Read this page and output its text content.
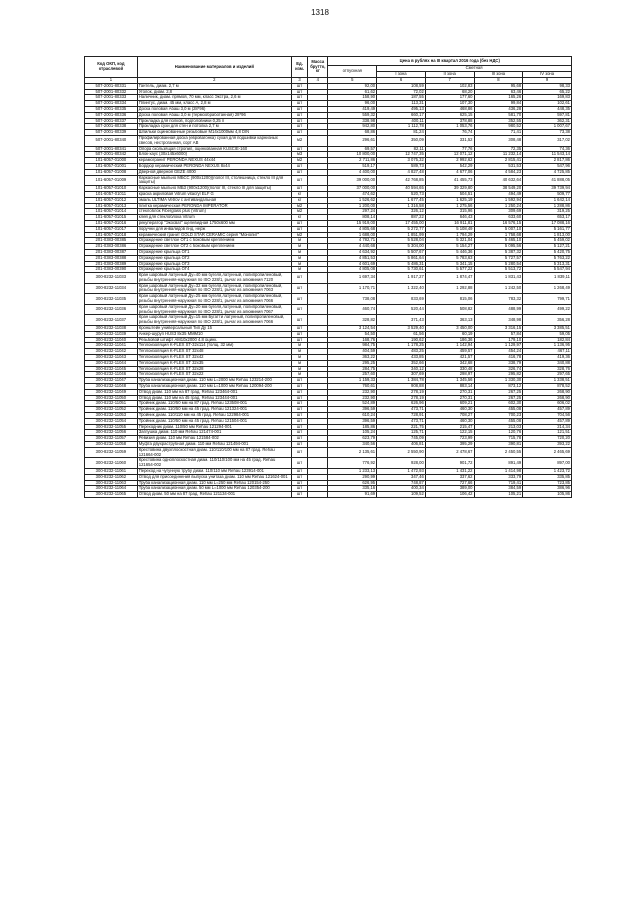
1318
Код ОКП, код отраслевой	Наименование материалов и изделий	Ед. изм.	Масса брутто, кг	Цена в рублях на III квартал 2016 года (без НДС)				
				отпускная	Сметная			
					I зона	II зона	III зона	IV зона
1	2	3	4	5	6	7	8	9
507-2001-80331	Гантель, диам. 2,7 м	шт		92,00	108,59	102,83	95,68	98,33
507-2001-80332	Уголок, диам. 2,8	шт		61,62	72,02	68,20	63,46	65,22
507-2001-80333	Наличник, диам. прямой, 70 мм, класс Экстра, 2,6 м	шт		158,90	187,55	177,60	165,26	169,83
507-2001-80334	Плинтус, диам. 45 мм, класс А, 2,8 м	шт		96,00	113,31	107,30	99,84	102,61
507-2001-80335	Доска половая Абаш 3,0 м (28*96)	шт		419,49	495,13	468,86	436,28	448,35
507-2001-80336	Доска половая Абаш 3,0 м (термообработанная) 28*96	шт		559,32	660,17	625,15	581,70	597,81
507-2001-80337	Прокладка для полков, подголовники 0,25 п	шт		338,98	400,11	378,88	352,55	362,31
507-2001-80338	Прокладка сухи для стен и потолка 2,7 м	шт		942,80	1 112,78	1 053,76	980,52	1 007,67
507-2001-80339	Шпильки оцинкованные резьбовые М14x1000мм 4,8 DIN	шт		68,86	81,24	76,74	71,41	73,38
507-2001-80340	Профилированная доска (евровагонка) сухая для подшивки карнизных свесов, нестроганная, сорт АВ	м2		296,61	350,09	331,52	308,48	317,02
507-2001-80341	Опора скользящая стропил, оцинкованная KUSCIE-160	шт		69,57	82,11	77,76	72,35	74,36
507-2001-80342	Блок-хаус (30x145x6000)	м3		10 800,00	12 747,35	12 071,12	11 232,14	11 543,14
101-6057-01000	керамогранит PERONDA NEXUS 44x44	м2		2 711,86	3 075,32	2 992,62	2 815,41	2 817,86
101-6057-01001	Бордюр керамический PERONDA NEXUS 8x44	шт		519,17	589,73	542,29	531,53	547,96
101-6057-01008	Дверной дверной GEZE 4000	шт		4 400,00	4 827,48	4 677,06	4 584,23	4 725,85
101-6057-01009	Каркасные мыльно МБСС (900x1200)(полог III, столешница, стекло III для защиты)	шт		39 000,00	42 768,85	41 455,73	40 632,64	41 888,05
101-6057-01010	Каркасные мыльно МБЗ (900x1200)(полог III, стекло III для защиты)	шт		37 000,00	40 594,65	39 329,80	38 549,20	39 739,94
101-6057-01011	краска акриловая Vitrum vitacryl ELF G	кг		474,62	520,73	504,51	494,49	509,77
101-6057-01012	эмаль ULTIMA Vetrov с антивандальная	кг		1 526,62	1 677,45	1 625,19	1 592,94	1 642,14
101-6057-01013	плитка керамическая PERONDA IMPERATOR	м2		1 200,00	1 316,58	1 275,56	1 250,24	1 288,86
101-6057-01014	стеклоблок Fiberglass plus (Vitrum)	м2		297,24	326,12	315,96	309,69	319,25
101-6057-01015	клей для стеклоблока Vitrum	кг		808,14	887,22	646,43	633,60	653,17
101-6057-01016	рекуператор "Экосват" щелевидная 1750x600 мм	шт		15 919,00	17 455,00	16 911,81	16 576,15	17 088,16
101-6057-01017	поручни для инвалидов пнд, нерж	шт		4 805,68	5 272,77	5 108,49	5 007,10	5 161,77
101-6057-01018	керамический гранит GOLD STAR CERAMIC серия "Монолит"	м2		1 688,00	1 851,99	1 794,29	1 758,68	1 813,00
201-0383-00385	Ограждение светлое ОГ1 с боковым креплением	м		4 782,71	5 528,04	5 321,04	5 465,10	5 459,02
201-0383-00386	Ограждение светлое ОГ2 с боковым креплением	м		4 440,68	5 304,00	5 154,27	5 095,56	5 127,21
201-0383-00387	Ограждение крыльца ОГ1	м		4 634,92	5 507,67	5 446,36	5 387,32	5 420,75
201-0383-00388	Ограждение крыльца ОГ2	м		4 851,53	5 861,64	5 783,63	5 727,57	5 763,22
201-0383-00389	Ограждение крыльца ОГ3	м		4 601,69	5 486,31	5 341,15	5 280,54	5 313,31
201-0383-00390	Ограждение крыльца ОГ4	м		4 805,08	5 730,61	5 577,22	5 513,72	5 547,94
300-8232-11033	Кран шаровый латунный Ду=40 мм бугеля,латунный, полипропиленовый, резьбы внутренняя-наружная по ISO 228/1, рычаг из алюминия 7120	шт		1 697,34	1 917,27	1 874,47	1 831,43	1 839,11
300-8232-11034	Кран шаровый латунный Ду=32 мм бугеля,латунный, полипропиленовый, резьбы внутренняя-наружная по ISO 228/1, рычаг из алюминия 7063	шт		1 170,71	1 322,40	1 292,88	1 242,50	1 268,49
300-8232-11035	Кран шаровый латунный Ду=25 мм бугеля,латунный, полипропиленовый, резьбы внутренняя-наружная по ISO 228/1, рычаг из алюминия 7066	шт		738,08	833,69	815,06	783,32	799,71
300-8232-11036	Кран шаровый латунный Ду=20 мм бугеля,латунный, полипропиленовый, резьбы внутренняя-наружная по ISO 228/1, рычаг из алюминия 7067	шт		460,74	520,44	508,82	488,99	499,22
300-8232-11037	Кран шаровый латунный Ду=15 мм Бугатти латунный, полипропиленовый, резьбы внутренняя-наружная по ISO 228/1, рычаг из алюминия 7066	шт		328,82	371,43	363,13	348,98	356,28
300-8232-11038	Кронштейн универсальный Тип Ду 15	шт		3 124,54	3 529,40	3 450,00	3 316,15	3 385,51
300-8232-11039	Анкер-шуруп HUS3 8x35 MMM10	шт		54,50	61,56	60,19	57,84	59,05
300-8232-11040	Резьбовой штифт AM10x2000 4.8 оцинк.	шт		168,76	190,62	186,36	179,10	182,84
300-8232-11041	Теплоизоляция K-FLEX ST-32x114 (толщ. 32 мм)	м		984,75	1 178,25	1 142,94	1 129,97	1 136,95
300-8232-11042	Теплоизоляция K-FLEX ST 32x48	м		404,59	483,25	459,57	454,24	467,11
300-8232-11043	Теплоизоляция K-FLEX ST 32x42	м		363,22	433,85	421,57	416,78	419,36
300-8232-11044	Теплоизоляция K-FLEX ST 32x35	м		295,25	352,66	342,68	338,79	340,88
300-8232-11045	Теплоизоляция K-FLEX ST 32x28	м		284,75	340,12	330,48	326,74	328,76
300-8232-11046	Теплоизоляция K-FLEX ST 32x22	м		257,60	307,69	298,97	295,82	297,65
300-8232-11047	Труба канализационная диам. 110 мм L=2000 мм Rehau 123214-200	шт		1 159,33	1 384,78	1 345,56	1 330,30	1 338,51
300-8232-11048	Труба канализационная диам. 110 мм L=1000 мм Rehau 120094-200	шт		760,61	908,88	883,14	873,12	878,52
300-8232-11049	Отвод диам. 110 мм на 87 град. Rehau 123464-001	шт		232,90	278,19	270,31	267,25	268,90
300-8232-11050	Отвод диам. 110 мм на 45 град. Rehau 123444-001	шт		232,90	278,19	270,31	267,25	268,90
300-8232-11051	Тройник диам. 110/50 мм на 87 град. Rehau 123508-001	шт		524,89	626,96	609,21	602,30	606,02
300-8232-11052	Тройник диам. 110/50 мм на 45 град. Rehau 121324-001	шт		396,59	473,71	460,30	455,08	457,89
300-8232-11053	Тройник диам. 110/110 мм на 45 град. Rehau 122984-001	шт		610,24	728,91	708,27	700,23	704,56
300-8232-11054	Тройник диам. 110/50 мм на 45 град. Rehau 121504-001	шт		396,59	473,71	460,30	455,08	457,89
300-8232-11055	Переходник диам. 110/50 мм Rehau 121294-001	шт		185,86	221,75	215,47	213,03	214,34
300-8232-11056	Заглушка диам. 110 мм Rehau 121474-001	шт		105,24	125,71	122,15	120,76	121,51
300-8232-11057	Ревизия диам. 110 мм Rehau 121584-002	шт		623,79	745,09	723,99	715,78	720,20
300-8232-11058	Муфта двухраструбная диам. 110 мм Rehau 121494-001	шт		340,56	406,81	395,29	390,81	393,22
300-8232-11059	Крестовина двухплоскостная диам. 110/110/100 мм на 87 град. Rehau 121664-002	шт		2 135,61	2 550,90	2 478,67	2 450,55	2 465,69
300-8232-11060	Крестовина одноплоскостная диам. 110/110/100 мм на 45 град. Rehau 121654-002	шт		776,92	928,00	901,72	891,49	897,00
300-8232-11061	Переход на чугунную трубу диам. 110/110 мм Rehau 123914-001	шт		1 233,13	1 472,93	1 431,22	1 414,98	1 423,72
300-8232-11062	Отвод для присоединения выпуска унитаза диам. 110 мм Rehau 121624-001	шт		290,99	347,46	337,62	333,79	335,85
300-8232-11063	Труба канализационная диам. 110 мм L=250 мм Rehau 120154-250	шт		626,95	748,87	727,66	719,41	723,85
300-8232-11064	Труба канализационная диам. 50 мм L=1000 мм Rehau 120354-200	шт		335,16	400,34	389,00	384,59	386,96
300-8232-11065	Отвод диам. 50 мм на 87 град. Rehau 121134-001	шт		91,69	109,52	106,42	105,21	105,86
